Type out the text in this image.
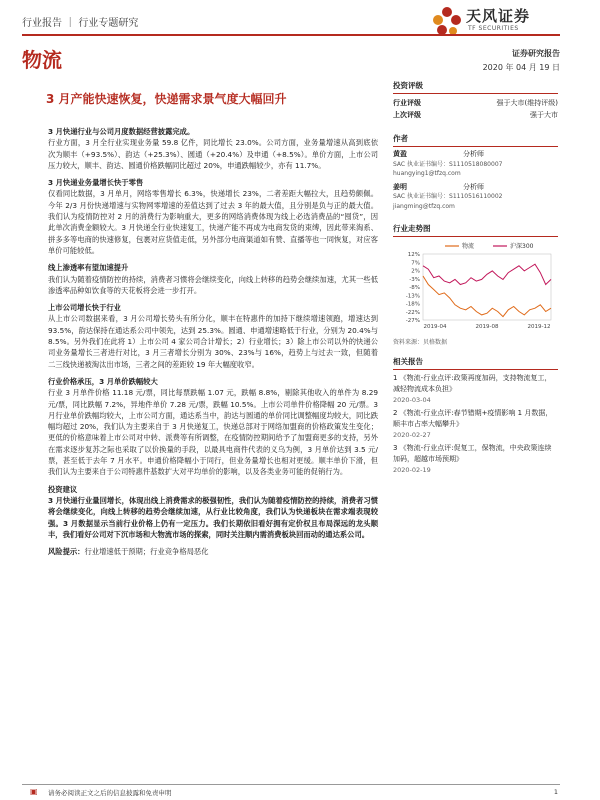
行业报告 ｜ 行业专题研究	天风证券
TF SECURITIES
物流	证券研究报告
2020 年 04 月 19 日
3 月产能快速恢复，快递需求景气度大幅回升

3 月快递行业与公司月度数据经营披露完成。

行业方面，3 月全行业实现业务量 59.8 亿件，同比增长 23.0%。公司方面，业务量增速从高到底依次为顺丰（+93.5%）、韵达（+25.3%）、圆通（+20.4%）及申通（+8.5%）。单价方面，上市公司压力较大，顺丰、韵达、圆通价格跌幅同比超过 20%，申通跌幅较少，亦有 11.7%。

3 月快递业务量增长快于零售

仅看同比数据，3 月单月，网络零售增长 6.3%，快递增长 23%，二者差距大幅拉大，且趋势颇佩。今年 2/3 月份快递增速与实物网零增速的差值达到了过去 3 年的最大值，且分别是负与正的最大值。我们认为疫情防控对 2 月的消费行为影响重大，更多的网络消费体现为线上必选消费品的“囤货”，因此单次消费金额较大。3 月快递全行业快速复工，快递产能不再成为电商发货的束缚，因此带来淘系、拼多多等电商的快速修复，包裹对应货值走低，另外部分电商渠道如有赞、直播等也一同恢复，对应客单价可能较低。

线上渗透率有望加速提升

我们认为随着疫情防控的持续，消费者习惯将会继续变化，向线上转移的趋势会继续加速，尤其一些低渗透率品种如饮食等的天花板将会进一步打开。

上市公司增长快于行业

从上市公司数据来看，3 月公司增长势头有所分化，顺丰在特惠件的加持下继续增速领跑，增速达到 93.5%，韵达保持在通达系公司中领先，达到 25.3%。圆通、申通增速略低于行业，分别为 20.4%与 8.5%。另外我们在此将 1）上市公司 4 家公司合计增长；2）行业增长；3）除上市公司以外的快递公司业务量增长三者进行对比，3 月三者增长分别为 30%、23%与 16%，趋势上与过去一致，但随着二三线快递被淘汰出市场，三者之间的差距较 19 年大幅度收窄。

行业价格承压，3 月单价跌幅较大

行业 3 月单件价格 11.18 元/票，同比每票跌幅 1.07 元，跌幅 8.8%，剔除其他收入的单件为 8.29 元/票，同比跌幅 7.2%，异地件单价 7.28 元/票，跌幅 10.5%。上市公司单件价格降幅 20 元/票。3 月行业单价跌幅均较大，上市公司方面，通达系当中，韵达与圆通的单价同比调整幅度均较大，同比跌幅均超过 20%，我们认为主要来自于 3 月快递复工，快递总部对于网络加盟商的价格政策发生变化；更低的价格意味着上市公司对中转、派费等有所调整，在疫情防控期间给予了加盟商更多的支持，另外在需求逐步复苏之际也采取了以价换量的手段，以最具电商件代表的义乌为例，3 月单价达到 3.5 元/票，甚至低于去年 7 月水平。申通价格降幅小于同行，但业务量增长也相对更缓。顺丰单价下滑，但我们认为主要来自于公司特惠件基数扩大对平均单价的影响，以及各类业务可能的促销行为。

投资建议

3 月快递行业量回增长，体现出线上消费需求的极强韧性，我们认为随着疫情防控的持续，消费者习惯将会继续变化，向线上转移的趋势会继续加速，从行业比较角度，我们认为快递板块在需求端表现较强。3 月数据显示当前行业价格上仍有一定压力。我们长期依旧看好拥有定价权且布局深远的龙头顺丰，我们看好公司对下沉市场和大物流市场的探索，同时关注顺内需消费板块回而动的通达系公司。

风险提示：行业增速低于预期；行业竞争格局恶化

投资评级
行业评级	强于大市(维持评级)
上次评级	强于大市
作者
黄盈	分析师
SAC 执业证书编号：S1110518080007
huangying1@tfzq.com
姜明	分析师
SAC 执业证书编号：S1110516110002
jiangming@tfzq.com
行业走势图
12%
7%
2%
-3%
-8%
-13%
-18%
-22%
-27%
2019-04	2019-08	2019-12
物流	沪深300
资料来源：贝格数据
相关报告
1 《物流-行业点评:政策再度加码，支持物流复工，减轻物流成本负担》
2020-03-04
2 《物流-行业点评:春节错期+疫情影响 1 月数据，顺丰市占率大幅攀升》
2020-02-27
3 《物流-行业点评:促复工，保物流，中央政策连续加码，超越市场预期》
2020-02-19
▣ 请务必阅读正文之后的信息披露和免责申明	1
